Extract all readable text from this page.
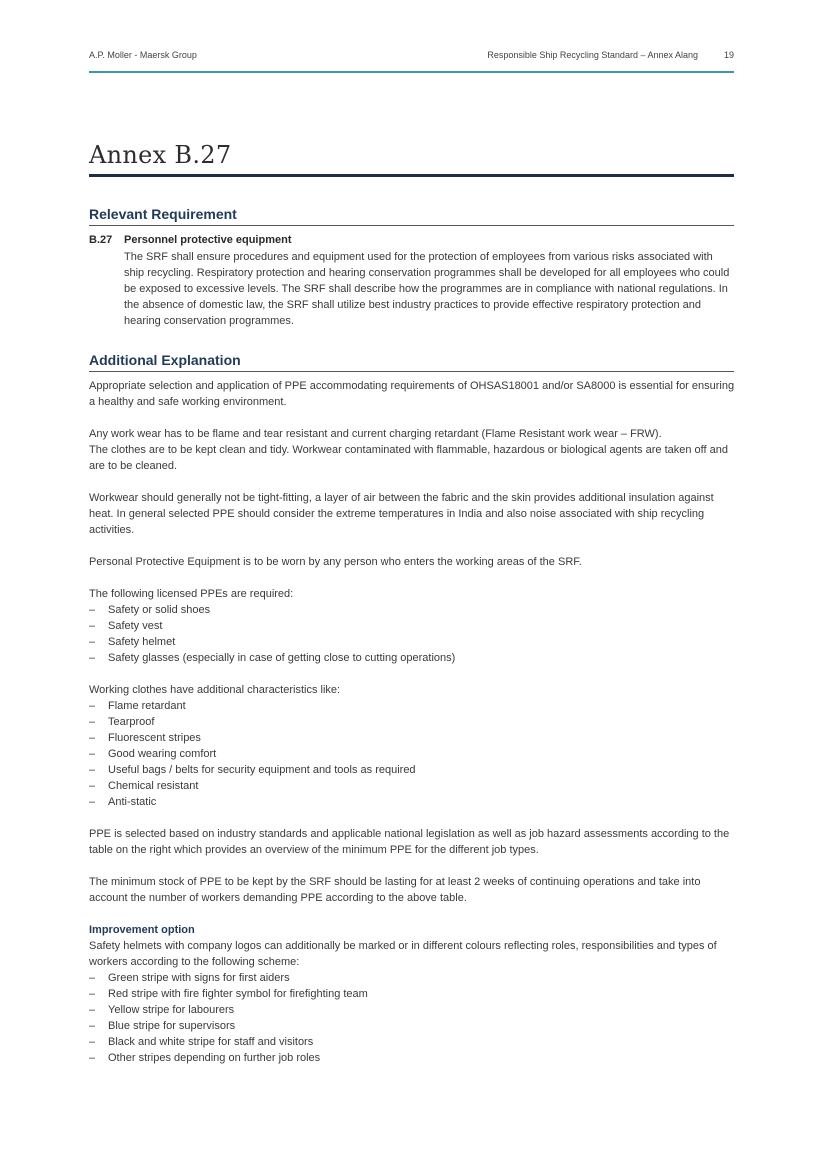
A.P. Moller - Maersk Group	Responsible Ship Recycling Standard – Annex Alang	19
Annex B.27
Relevant Requirement
B.27 Personnel protective equipment

The SRF shall ensure procedures and equipment used for the protection of employees from various risks associated with ship recycling. Respiratory protection and hearing conservation programmes shall be developed for all employees who could be exposed to excessive levels. The SRF shall describe how the programmes are in compliance with national regulations. In the absence of domestic law, the SRF shall utilize best industry practices to provide effective respiratory protection and hearing conservation programmes.

Additional Explanation

Appropriate selection and application of PPE accommodating requirements of OHSAS18001 and/or SA8000 is essential for ensuring a healthy and safe working environment.

Any work wear has to be flame and tear resistant and current charging retardant (Flame Resistant work wear – FRW).

The clothes are to be kept clean and tidy. Workwear contaminated with flammable, hazardous or biological agents are taken off and are to be cleaned.

Workwear should generally not be tight-fitting, a layer of air between the fabric and the skin provides additional insulation against heat. In general selected PPE should consider the extreme temperatures in India and also noise associated with ship recycling activities.

Personal Protective Equipment is to be worn by any person who enters the working areas of the SRF.

The following licensed PPEs are required:

– Safety or solid shoes
– Safety vest
– Safety helmet
– Safety glasses (especially in case of getting close to cutting operations)

Working clothes have additional characteristics like:

– Flame retardant
– Tearproof
– Fluorescent stripes
– Good wearing comfort
– Useful bags / belts for security equipment and tools as required
– Chemical resistant
– Anti-static

PPE is selected based on industry standards and applicable national legislation as well as job hazard assessments according to the table on the right which provides an overview of the minimum PPE for the different job types.

The minimum stock of PPE to be kept by the SRF should be lasting for at least 2 weeks of continuing operations and take into account the number of workers demanding PPE according to the above table.

Improvement option

Safety helmets with company logos can additionally be marked or in different colours reflecting roles, responsibilities and types of workers according to the following scheme:

– Green stripe with signs for first aiders
– Red stripe with fire fighter symbol for firefighting team
– Yellow stripe for labourers
– Blue stripe for supervisors
– Black and white stripe for staff and visitors
– Other stripes depending on further job roles
